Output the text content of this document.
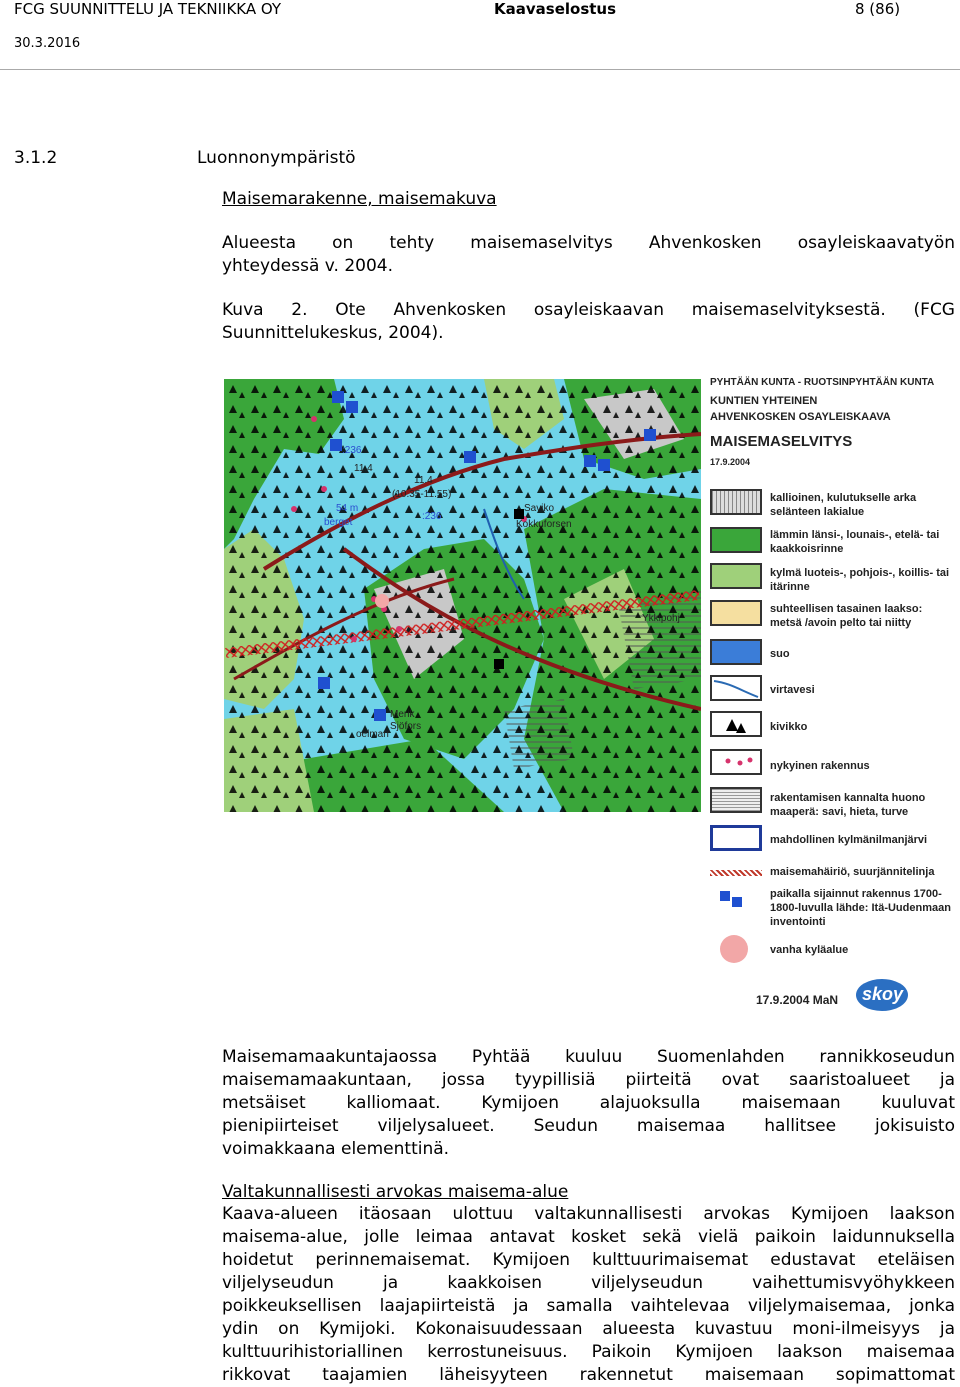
FCG SUUNNITTELU JA TEKNIIKKA OY	Kaavaselostus	8 (86)
30.3.2016
3.1.2	Luonnonympäristö
Maisemarakenne, maisemakuva
Alueesta on tehty maisemaselvitys Ahvenkosken osayleiskaavatyön
yhteydessä v. 2004.
Kuva 2. Ote Ahvenkosken osayleiskaavan maisemaselvityksestä. (FCG
Suunnittelukeskus, 2004).
:236
11.4
11.4
(10.35-11.55)
:236
54 m	Saviko
Kokkuforsen
Ykkipohj
Merik
Sjöfors
oelman
berget
PYHTÄÄN KUNTA - RUOTSINPYHTÄÄN KUNTA
KUNTIEN YHTEINEN
AHVENKOSKEN OSAYLEISKAAVA
MAISEMASELVITYS
17.9.2004
kallioinen, kulutukselle arka selänteen lakialue
lämmin länsi-, lounais-, etelä- tai kaakkoisrinne
kylmä luoteis-, pohjois-, koillis- tai itärinne
suhteellisen tasainen laakso: metsä /avoin pelto tai niitty
suo
virtavesi
kivikko
nykyinen rakennus
rakentamisen kannalta huono maaperä: savi, hieta, turve
mahdollinen kylmänilmanjärvi
maisemahäiriö, suurjännitelinja
paikalla sijainnut rakennus 1700-1800-luvulla lähde: Itä-Uudenmaan inventointi
vanha kyläalue
17.9.2004 MaN skoy
Maisemamaakuntajaossa Pyhtää kuuluu Suomenlahden rannikkoseudun
maisemamaakuntaan, jossa tyypillisiä piirteitä ovat saaristoalueet ja
metsäiset kalliomaat. Kymijoen alajuoksulla maisemaan kuuluvat
pienipiirteiset viljelysalueet. Seudun maisemaa hallitsee jokisuisto
voimakkaana elementtinä.
Valtakunnallisesti arvokas maisema-alue
Kaava-alueen itäosaan ulottuu valtakunnallisesti arvokas Kymijoen laakson
maisema-alue, jolle leimaa antavat kosket sekä vielä paikoin laidunnuksella
hoidetut perinnemaisemat. Kymijoen kulttuurimaisemat edustavat eteläisen
viljelyseudun ja kaakkoisen viljelyseudun vaihettumisvyöhykkeen
poikkeuksellisen laajapiirteistä ja samalla vaihtelevaa viljelymaisemaa, jonka
ydin on Kymijoki. Kokonaisuudessaan alueesta kuvastuu moni-ilmeisyys ja
kulttuurihistoriallinen kerrostuneisuus. Paikoin Kymijoen laakson maisemaa
rikkovat taajamien läheisyyteen rakennetut maisemaan sopimattomat
